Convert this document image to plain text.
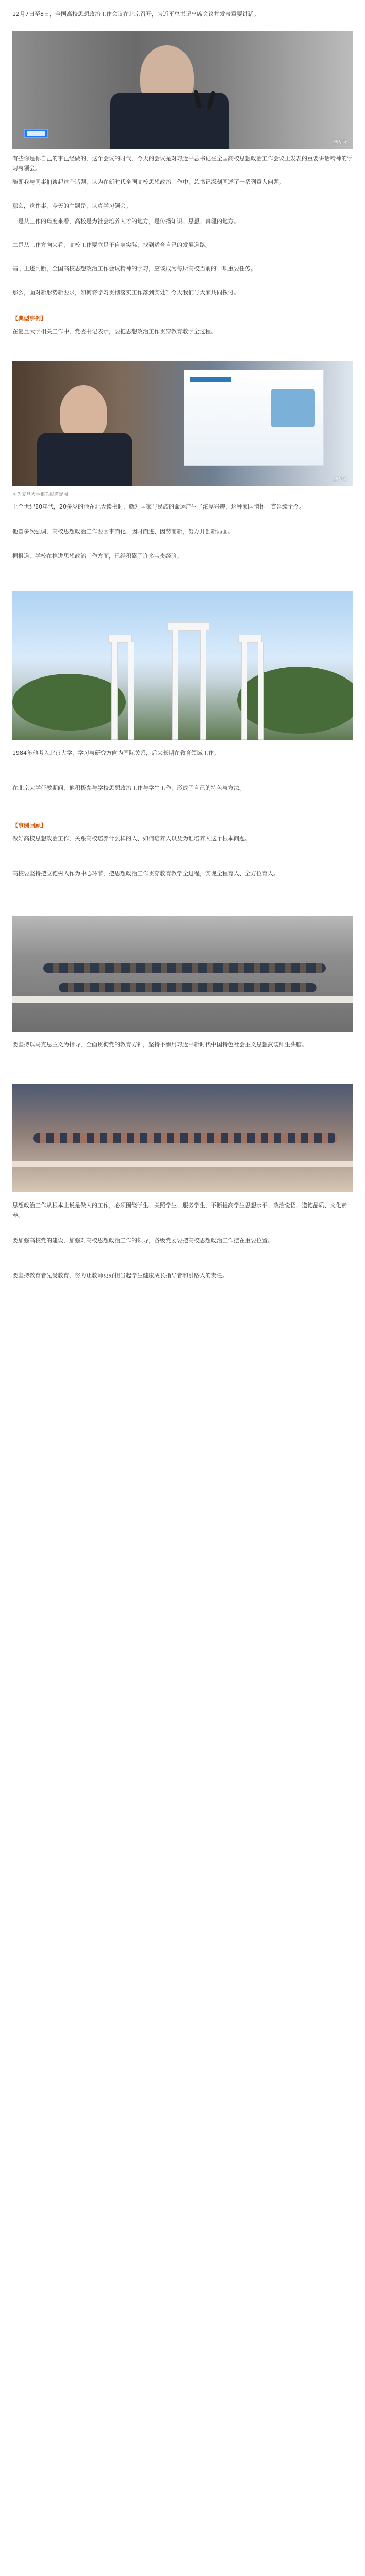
12月7日至8日，全国高校思想政治工作会议在北京召开，习近平总书记出席会议并发表重要讲话。
新华社
有些你是你自己的事已经做的，这个会议的时代，今天的会议是对习近平总书记在全国高校思想政治工作会议上发表的重要讲话精神的学习与领会。
随即我与同事们谈起这个话题，认为在新时代全国高校思想政治工作中，总书记深刻阐述了一系列重大问题。
那么，这件事，今天的主题是，认真学习领会。
一是从工作的角度来看，高校是为社会培养人才的地方，是传播知识、思想、真理的地方。
二是从工作方向来看，高校工作要立足于自身实际，找到适合自己的发展道路。
基于上述判断，全国高校思想政治工作会议精神的学习，应该成为每所高校当前的一项重要任务。
那么，面对新形势新要求，如何将学习贯彻落实工作落到实处？今天我们与大家共同探讨。
【典型事例】
在复旦大学相关工作中，党委书记表示，要把思想政治工作贯穿教育教学全过程。
新华社
图为复旦大学相关报道配图
上个世纪80年代，20多岁的他在北大读书时，就对国家与民族的命运产生了浓厚兴趣，这种家国情怀一直延续至今。
他曾多次强调，高校思想政治工作要因事而化、因时而进、因势而新，努力开创新局面。
据报道，学校在推进思想政治工作方面，已经积累了许多宝贵经验。
1984年他考入北京大学，学习与研究方向为国际关系，后来长期在教育领域工作。
在北京大学任教期间，他积极参与学校思想政治工作与学生工作，形成了自己的特色与方法。
【事例回顾】
做好高校思想政治工作，关系高校培养什么样的人、如何培养人以及为谁培养人这个根本问题。
高校要坚持把立德树人作为中心环节，把思想政治工作贯穿教育教学全过程，实现全程育人、全方位育人。
要坚持以马克思主义为指导，全面贯彻党的教育方针，坚持不懈用习近平新时代中国特色社会主义思想武装师生头脑。
思想政治工作从根本上说是做人的工作，必须围绕学生、关照学生、服务学生，不断提高学生思想水平、政治觉悟、道德品质、文化素养。
要加强高校党的建设，加强对高校思想政治工作的领导，各级党委要把高校思想政治工作摆在重要位置。
要坚持教育者先受教育，努力让教师更好担当起学生健康成长指导者和引路人的责任。
